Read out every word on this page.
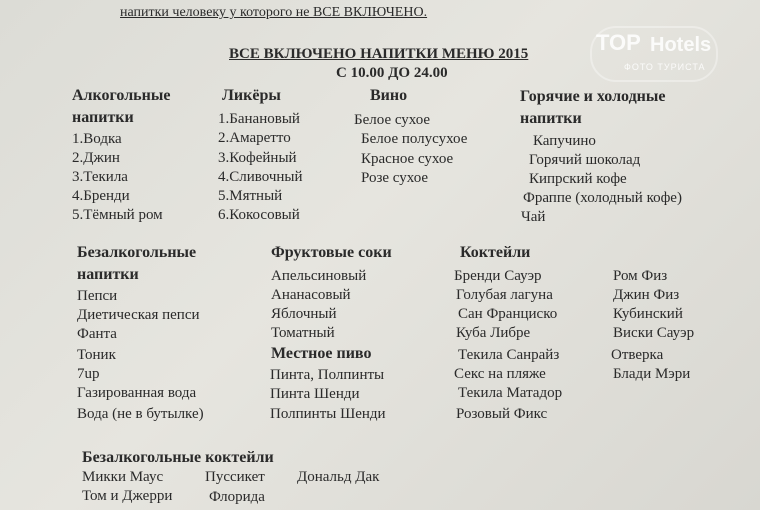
напитки человеку у которого не ВСЕ ВКЛЮЧЕНО.
TOP Hotels
ФОТО ТУРИСТА
ВСЕ ВКЛЮЧЕНО НАПИТКИ МЕНЮ 2015
С 10.00 ДО 24.00
Алкогольные
напитки
1.Водка
2.Джин
3.Текила
4.Бренди
5.Тёмный ром
Ликёры
1.Банановый
2.Амаретто
3.Кофейный
4.Сливочный
5.Мятный
6.Кокосовый
Вино
Белое сухое
Белое полусухое
Красное сухое
Розе сухое
Горячие и холодные
напитки
Капучино
Горячий шоколад
Кипрский кофе
Фраппе (холодный кофе)
Чай
Безалкогольные
напитки
Пепси
Диетическая пепси
Фанта
Тоник
7up
Газированная вода
Вода (не в бутылке)
Фруктовые соки
Апельсиновый
Ананасовый
Яблочный
Томатный
Местное пиво
Пинта, Полпинты
Пинта Шенди
Полпинты Шенди
Коктейли
Бренди Сауэр
Голубая лагуна
Сан Франциско
Куба Либре
Текила Санрайз
Секс на пляже
Текила Матадор
Розовый Фикс
Ром Физ
Джин Физ
Кубинский
Виски Сауэр
Отверка
Блади Мэри
Безалкогольные коктейли
Микки Маус	Пуссикет Дональд Дак
Том и Джерри Флорида
